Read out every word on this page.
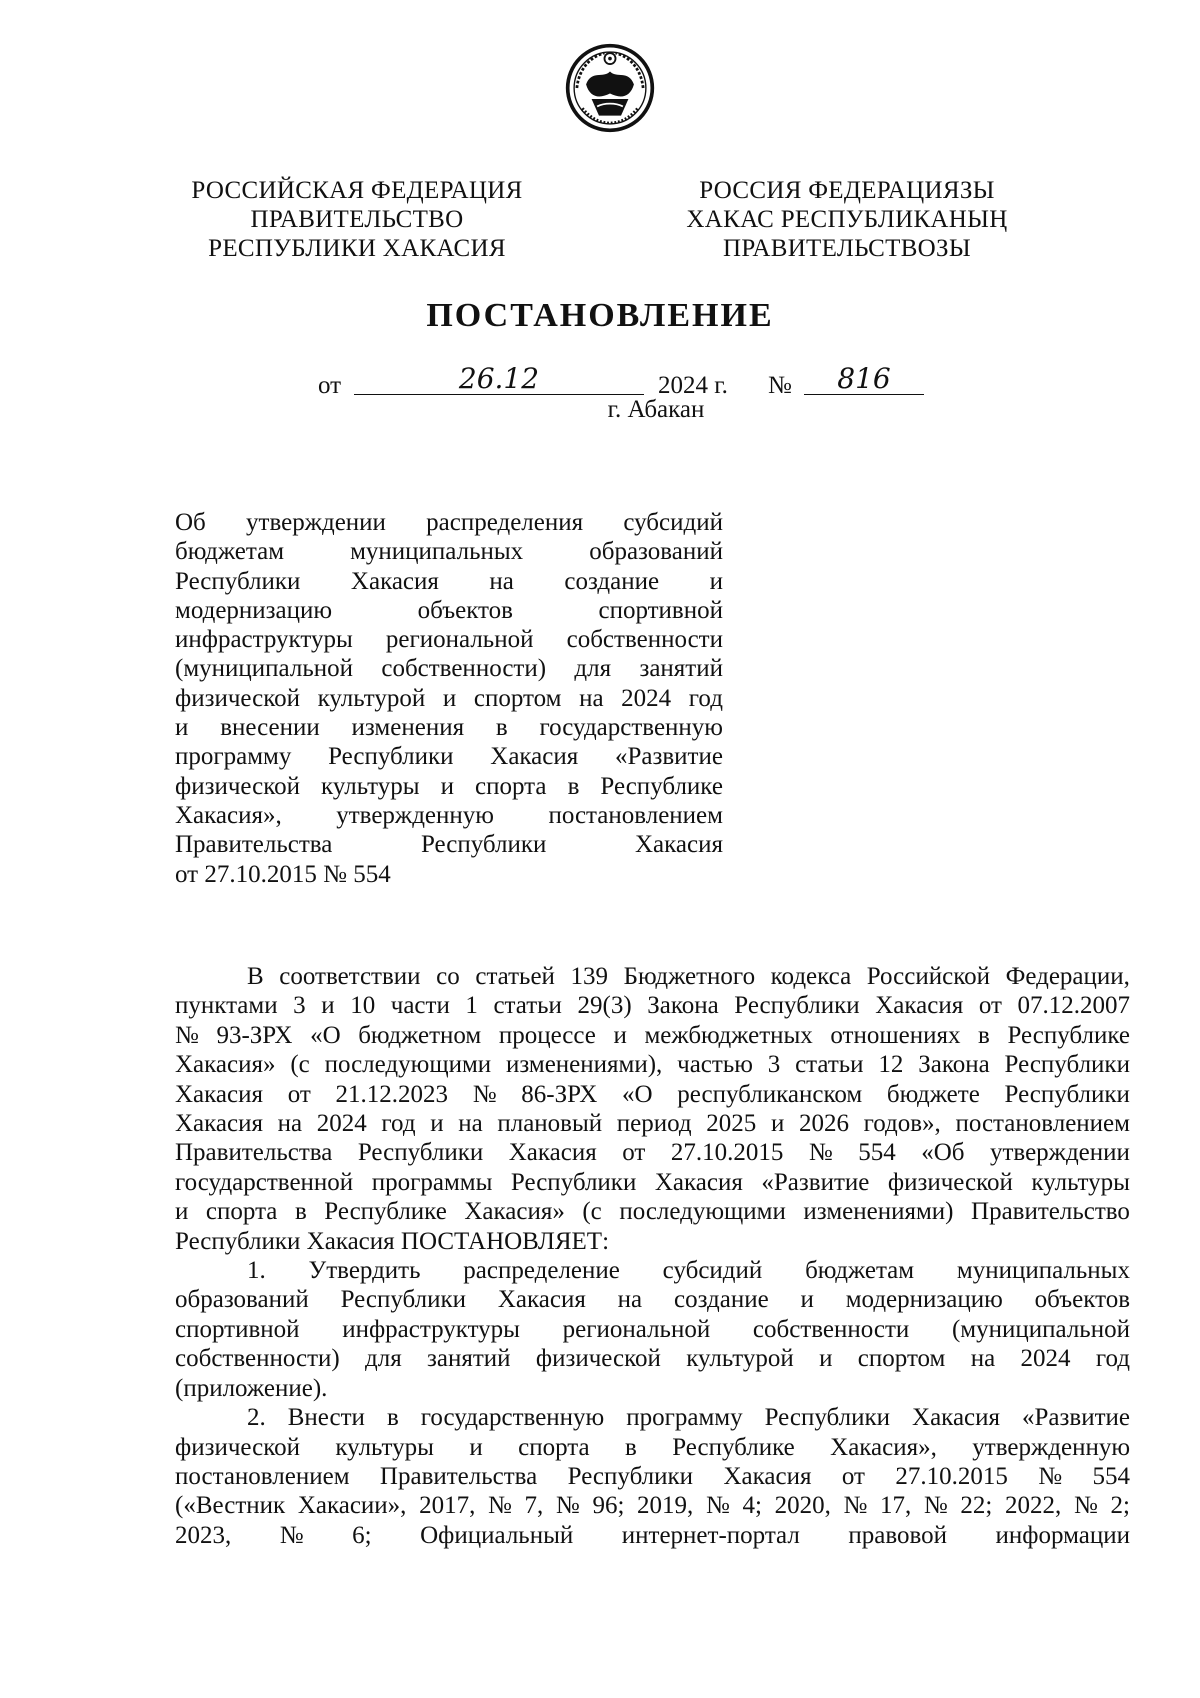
РОССИЙСКАЯ ФЕДЕРАЦИЯ
ПРАВИТЕЛЬСТВО
РЕСПУБЛИКИ ХАКАСИЯ
РОССИЯ ФЕДЕРАЦИЯЗЫ
ХАКАС РЕСПУБЛИКАНЫҢ
ПРАВИТЕЛЬСТВОЗЫ
ПОСТАНОВЛЕНИЕ
от	26.12	2024 г. №	816
г. Абакан
Об утверждении распределения субсидий
бюджетам	муниципальных	образований
Республики Хакасия на создание и
модернизацию	объектов	спортивной
инфраструктуры региональной собственности
(муниципальной собственности) для занятий
физической культурой и спортом на 2024 год
и внесении изменения в государственную
программу Республики Хакасия «Развитие
физической культуры и спорта в Республике
Хакасия», утвержденную постановлением
Правительства	Республики	Хакасия
от 27.10.2015 № 554
В соответствии со статьей 139 Бюджетного кодекса Российской Федерации,
пунктами 3 и 10 части 1 статьи 29(3) Закона Республики Хакасия от 07.12.2007
№ 93-ЗРХ «О бюджетном процессе и межбюджетных отношениях в Республике
Хакасия» (с последующими изменениями), частью 3 статьи 12 Закона Республики
Хакасия от 21.12.2023 № 86-ЗРХ «О республиканском бюджете Республики
Хакасия на 2024 год и на плановый период 2025 и 2026 годов», постановлением
Правительства Республики Хакасия от 27.10.2015 № 554 «Об утверждении
государственной программы Республики Хакасия «Развитие физической культуры
и спорта в Республике Хакасия» (с последующими изменениями) Правительство
Республики Хакасия ПОСТАНОВЛЯЕТ:
1. Утвердить распределение субсидий бюджетам муниципальных
образований Республики Хакасия на создание и модернизацию объектов
спортивной инфраструктуры региональной собственности (муниципальной
собственности) для занятий физической культурой и спортом на 2024 год
(приложение).
2. Внести в государственную программу Республики Хакасия «Развитие
физической культуры и спорта в Республике Хакасия», утвержденную
постановлением Правительства Республики Хакасия от 27.10.2015 № 554
(«Вестник Хакасии», 2017, № 7, № 96; 2019, № 4; 2020, № 17, № 22; 2022, № 2;
2023, № 6; Официальный интернет-портал правовой информации
